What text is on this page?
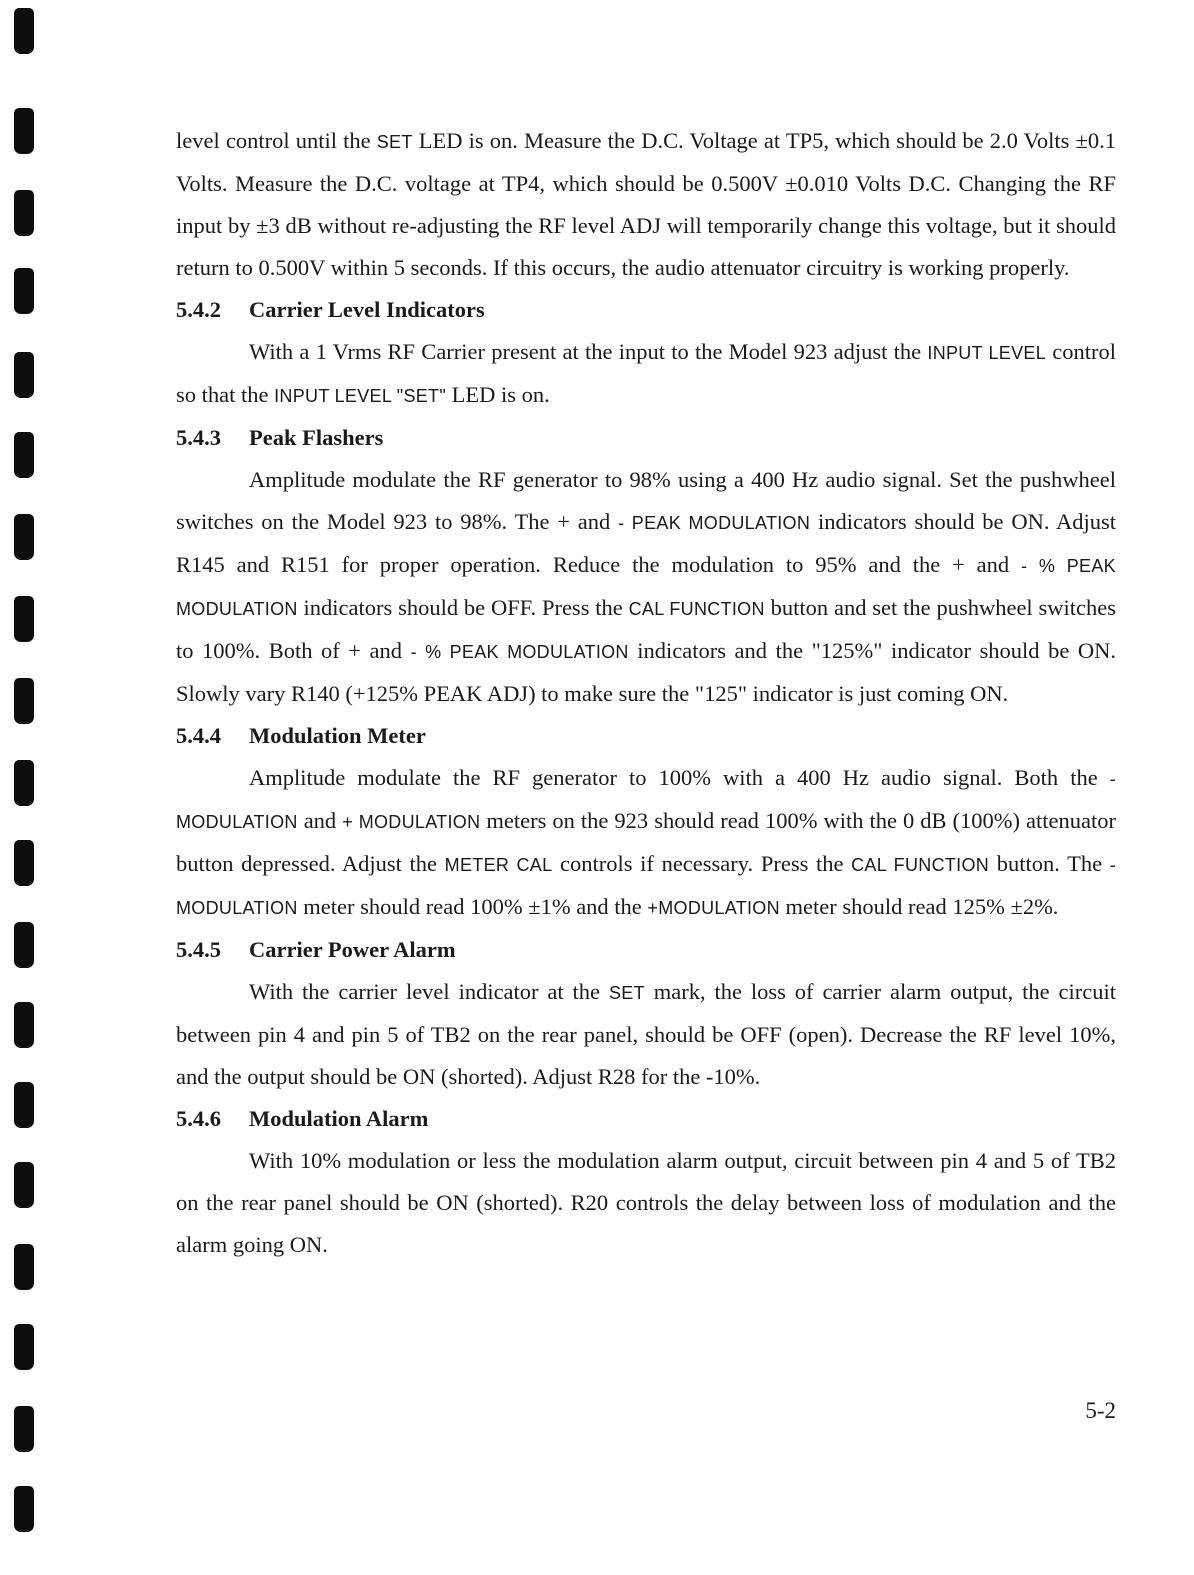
level control until the SET LED is on. Measure the D.C. Voltage at TP5, which should be 2.0 Volts ±0.1 Volts. Measure the D.C. voltage at TP4, which should be 0.500V ±0.010 Volts D.C. Changing the RF input by ±3 dB without re-adjusting the RF level ADJ will temporarily change this voltage, but it should return to 0.500V within 5 seconds. If this occurs, the audio attenuator circuitry is working properly.

5.4.2 Carrier Level Indicators

With a 1 Vrms RF Carrier present at the input to the Model 923 adjust the INPUT LEVEL control so that the INPUT LEVEL "SET" LED is on.

5.4.3 Peak Flashers

Amplitude modulate the RF generator to 98% using a 400 Hz audio signal. Set the pushwheel switches on the Model 923 to 98%. The + and - PEAK MODULATION indicators should be ON. Adjust R145 and R151 for proper operation. Reduce the modulation to 95% and the + and - % PEAK MODULATION indicators should be OFF. Press the CAL FUNCTION button and set the pushwheel switches to 100%. Both of + and - % PEAK MODULATION indicators and the "125%" indicator should be ON. Slowly vary R140 (+125% PEAK ADJ) to make sure the "125" indicator is just coming ON.

5.4.4 Modulation Meter

Amplitude modulate the RF generator to 100% with a 400 Hz audio signal. Both the - MODULATION and + MODULATION meters on the 923 should read 100% with the 0 dB (100%) attenuator button depressed. Adjust the METER CAL controls if necessary. Press the CAL FUNCTION button. The -MODULATION meter should read 100% ±1% and the +MODULATION meter should read 125% ±2%.

5.4.5 Carrier Power Alarm

With the carrier level indicator at the SET mark, the loss of carrier alarm output, the circuit between pin 4 and pin 5 of TB2 on the rear panel, should be OFF (open). Decrease the RF level 10%, and the output should be ON (shorted). Adjust R28 for the -10%.

5.4.6 Modulation Alarm

With 10% modulation or less the modulation alarm output, circuit between pin 4 and 5 of TB2 on the rear panel should be ON (shorted). R20 controls the delay between loss of modulation and the alarm going ON.

5-2
